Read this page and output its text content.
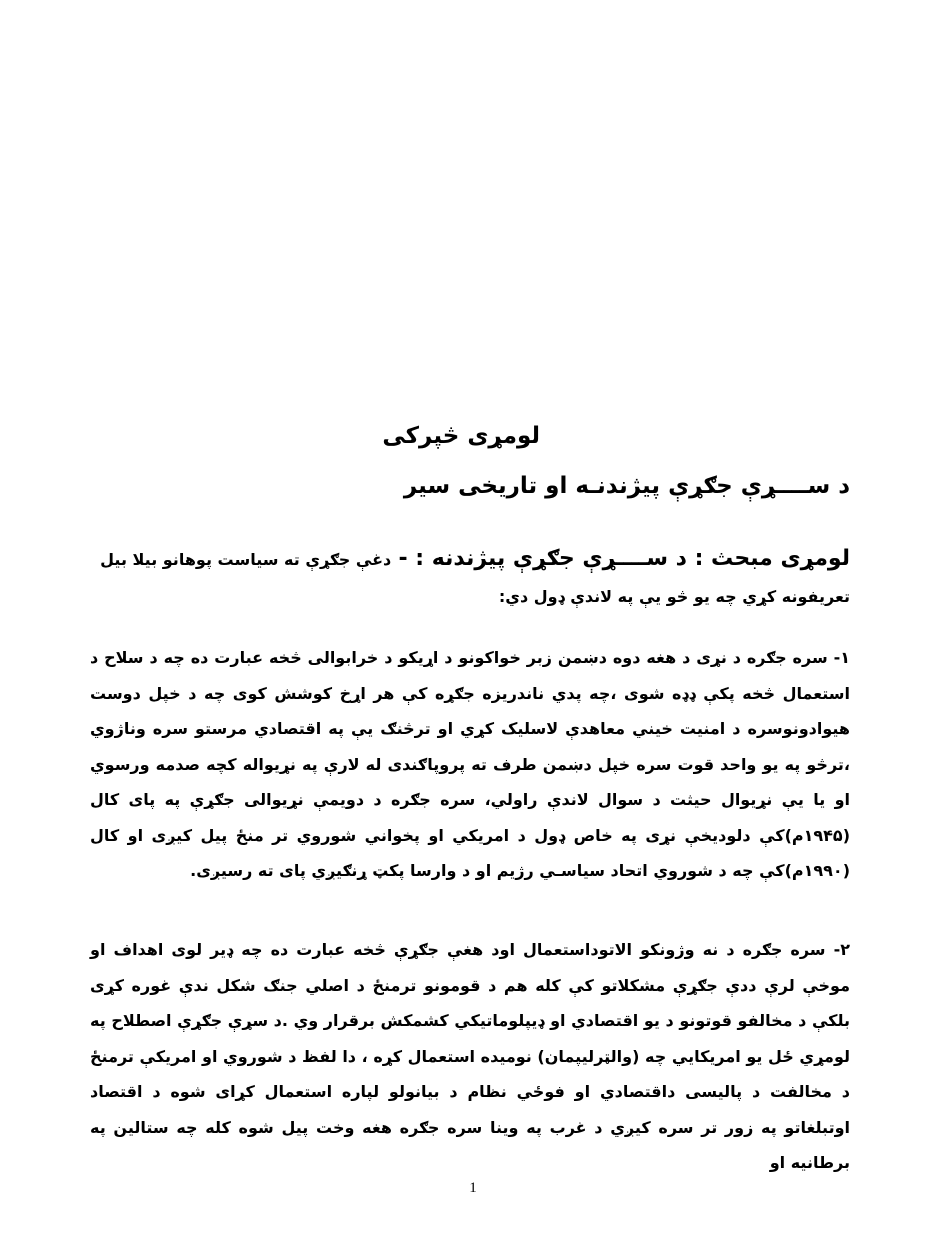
لومړی څپرکی
د ســــړې جګړې پیژندنـه او تاریخی سیر
لومړی مبحث : د ســــړې جګړې پیژندنه : - دغې جګړې ته سیاست پوهانو بیلا بیل
تعریفونه کړي چه یو څو یې په لاندې ډول دي:

۱- سره جګره د نړی د هغه دوه دښمن زبر خواکونو د اړیکو د خرابوالی څخه عبارت ده چه د سلاح د استعمال څخه پکې ډډه شوی ،چه پدي ناندریزه جګړه کې هر اړخ کوشش کوی چه د خپل دوست هیوادونوسره د امنیت خیني معاهدې لاسلیک کړي او ترڅنګ یې په اقتصادي مرستو سره وناژوي ،ترڅو په یو واحد قوت سره خپل دښمن طرف ته پروپاګندی له لارې په نړیواله کچه صدمه ورسوي او یا یې نړیوال حیثت د سوال لاندې راولي، سره جګره د دویمې نړیوالی جګړې په پای کال (۱۹۴۵م)کې دلودیخې نړی په خاص ډول د امریکي او پخواني شوروي تر منځ پیل کیږی او کال (۱۹۹۰م)کې چه د شوروي اتحاد سیاسـي رژیم او د وارسا پکټ ړنګیږي پای ته رسیږی.

۲- سره جګره د نه وژونکو الاتوداستعمال اود هغې جګړې څخه عبارت ده چه ډیر لوی اهداف او موخې لرې ددې جګړې مشکلاتو کې کله هم د قومونو ترمنځ د اصلي جنګ شکل ندې غوره کړی بلکې د مخالفو قوتونو د یو اقتصادي او ډیپلوماتیکي کشمکش برقرار وي .د سړې جګړې اصطلاح په لومړي ځل یو امریکایي چه (والټرلیپمان) نومیده استعمال کړه ، دا لفظ د شوروي او امریکې ترمنځ د مخالفت د پالیسی داقتصادي او فوځي نظام د بیانولو لپاره استعمال کړای شوه د اقتصاد اوتبلغاتو په زور تر سره کیږي د غرب په وینا سره جګره هغه وخت پیل شوه کله چه ستالین په برطانیه او

1
